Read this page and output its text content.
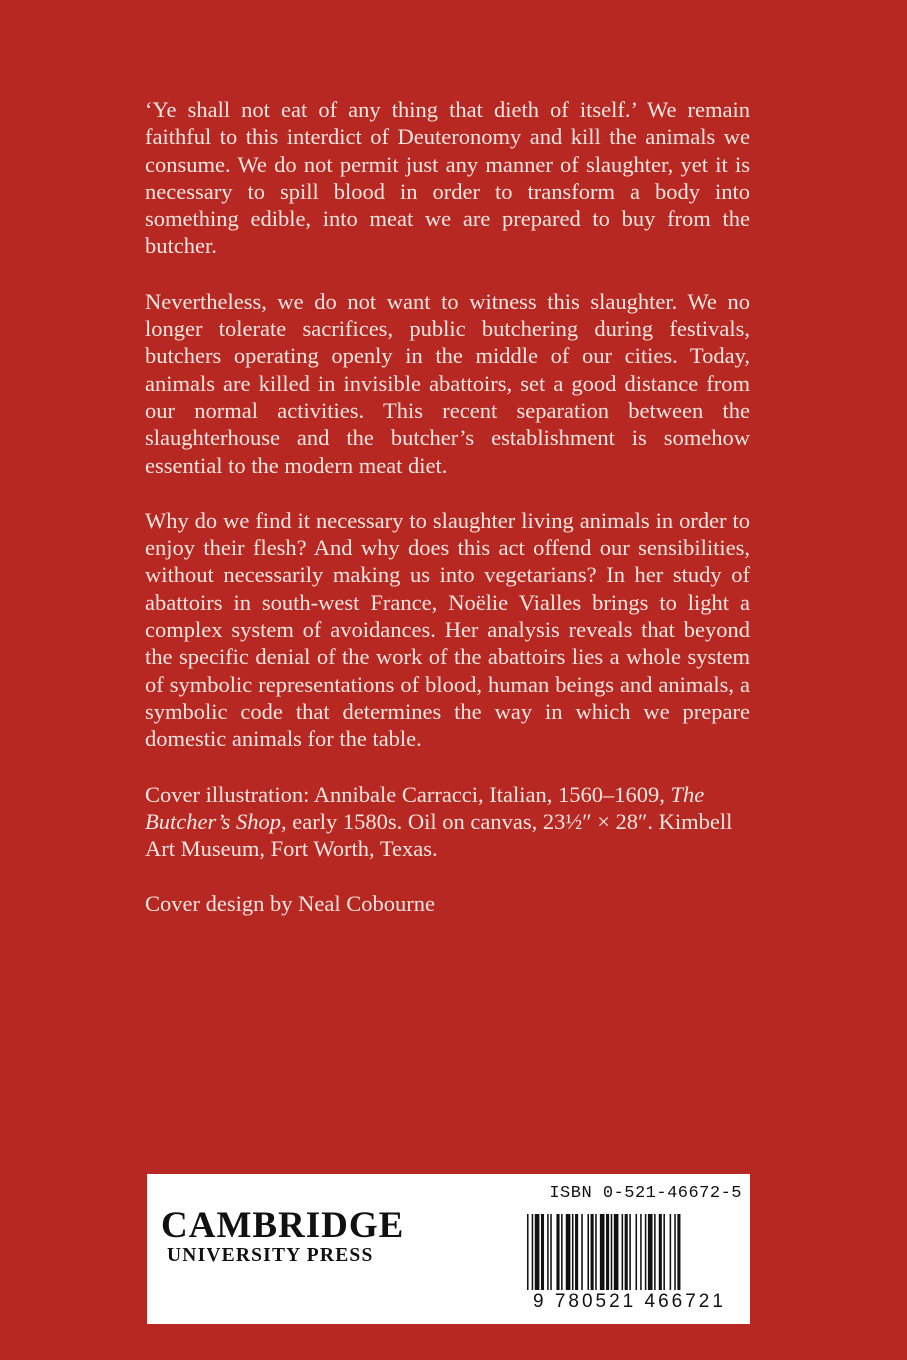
‘Ye shall not eat of any thing that dieth of itself.’ We remain faithful to this interdict of Deuteronomy and kill the animals we consume. We do not permit just any manner of slaughter, yet it is necessary to spill blood in order to transform a body into something edible, into meat we are prepared to buy from the butcher.

Nevertheless, we do not want to witness this slaughter. We no longer tolerate sacrifices, public butchering during festivals, butchers operating openly in the middle of our cities. Today, animals are killed in invisible abattoirs, set a good distance from our normal activities. This recent separation between the slaughterhouse and the butcher’s establishment is somehow essential to the modern meat diet.

Why do we find it necessary to slaughter living animals in order to enjoy their flesh? And why does this act offend our sensibilities, without necessarily making us into vegetarians? In her study of abattoirs in south-west France, Noëlie Vialles brings to light a complex system of avoidances. Her analysis reveals that beyond the specific denial of the work of the abattoirs lies a whole system of symbolic representations of blood, human beings and animals, a symbolic code that determines the way in which we prepare domestic animals for the table.

Cover illustration: Annibale Carracci, Italian, 1560–1609, The Butcher’s Shop, early 1580s. Oil on canvas, 23½″ × 28″. Kimbell Art Museum, Fort Worth, Texas.

Cover design by Neal Cobourne

CAMBRIDGE
UNIVERSITY PRESS
ISBN 0-521-46672-5
9 780521 466721
